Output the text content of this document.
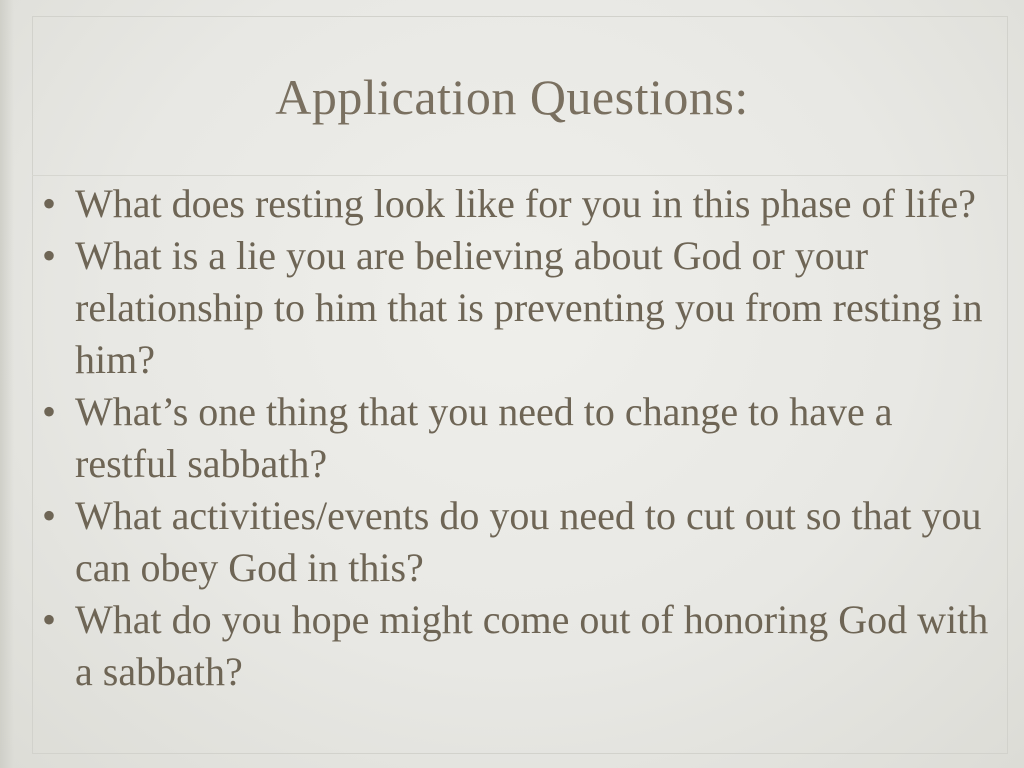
Application Questions:
• What does resting look like for you in this phase of life?
• What is a lie you are believing about God or your relationship to him that is preventing you from resting in him?
• What’s one thing that you need to change to have a restful sabbath?
• What activities/events do you need to cut out so that you can obey God in this?
• What do you hope might come out of honoring God with a sabbath?
